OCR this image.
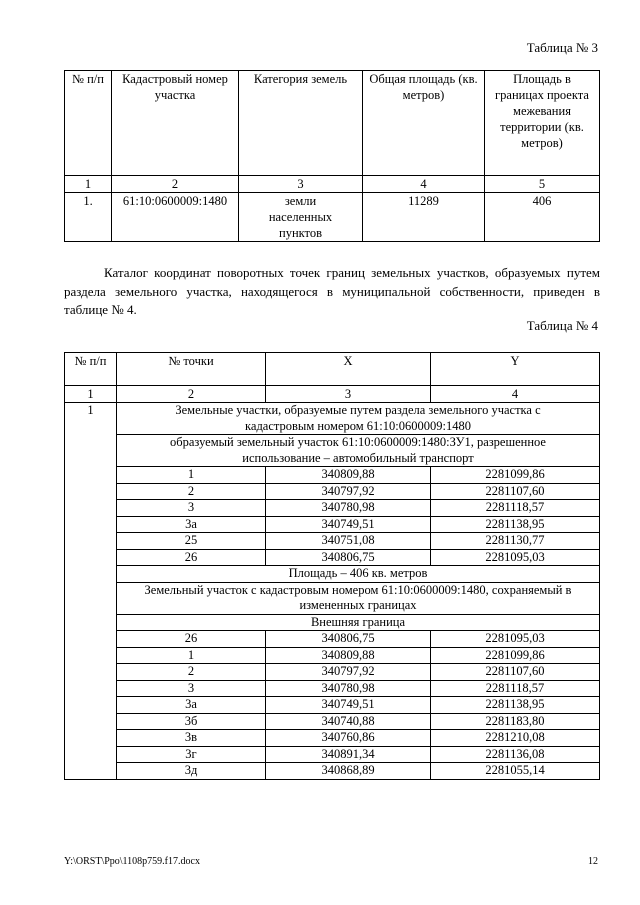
Таблица № 3
№ п/п	Кадастровый номер участка	Категория земель	Общая площадь (кв. метров)	Площадь в границах проекта межевания территории (кв. метров)
1	2	3	4	5
1.	61:10:0600009:1480	земли населенных пунктов	11289	406
Каталог координат поворотных точек границ земельных участков, образуемых путем раздела земельного участка, находящегося в муниципальной собственности, приведен в таблице № 4.
Таблица № 4
№ п/п	№ точки	X	Y
1	2	3	4
1	Земельные участки, образуемые путем раздела земельного участка с кадастровым номером 61:10:0600009:1480		
	образуемый земельный участок 61:10:0600009:1480:ЗУ1, разрешенное использование – автомобильный транспорт		
	1	340809,88	2281099,86
	2	340797,92	2281107,60
	3	340780,98	2281118,57
	3а	340749,51	2281138,95
	25	340751,08	2281130,77
	26	340806,75	2281095,03
	Площадь – 406 кв. метров		
	Земельный участок с кадастровым номером 61:10:0600009:1480, сохраняемый в измененных границах		
	Внешняя граница		
	26	340806,75	2281095,03
	1	340809,88	2281099,86
	2	340797,92	2281107,60
	3	340780,98	2281118,57
	3а	340749,51	2281138,95
	3б	340740,88	2281183,80
	3в	340760,86	2281210,08
	3г	340891,34	2281136,08
	3д	340868,89	2281055,14
Y:\ORST\Ppo\1108p759.f17.docx	12
